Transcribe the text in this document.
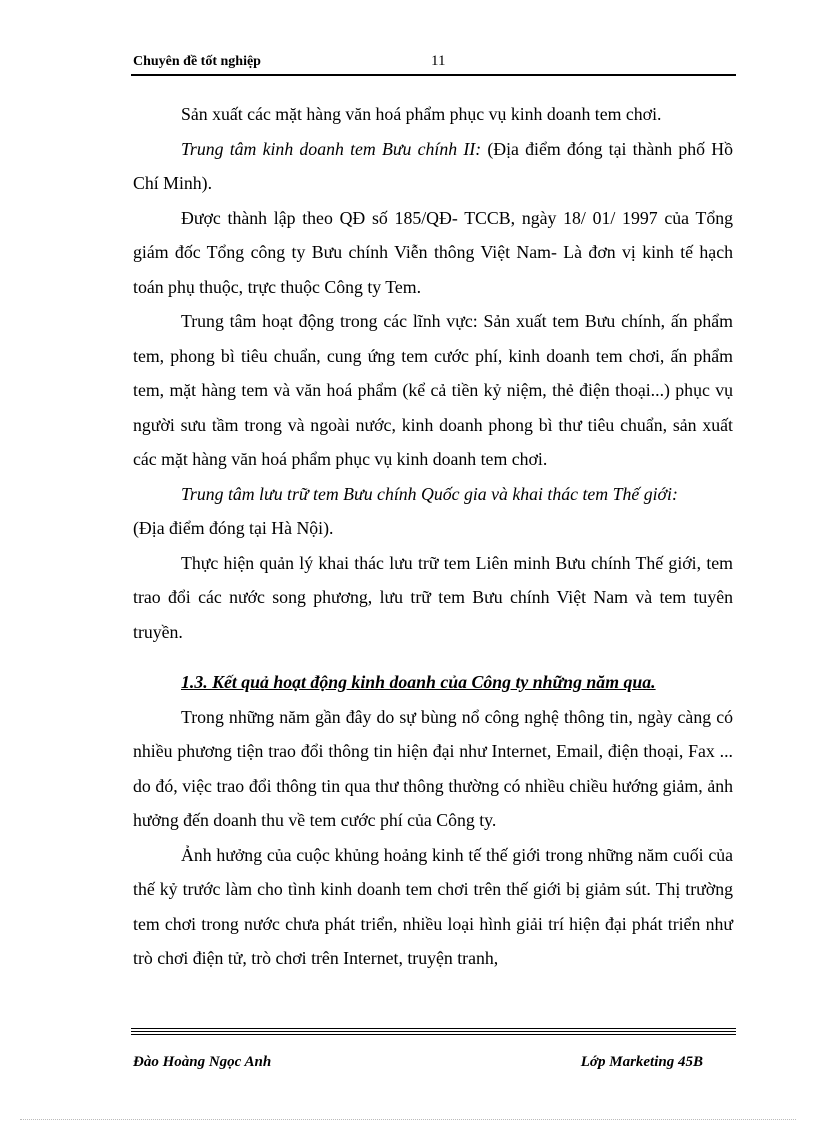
Chuyên đề tốt nghiệp	11

Sản xuất các mặt hàng văn hoá phẩm phục vụ kinh doanh tem chơi.

Trung tâm kinh doanh tem Bưu chính II: (Địa điểm đóng tại thành phố Hồ Chí Minh).

Được thành lập theo QĐ số 185/QĐ- TCCB, ngày 18/ 01/ 1997 của Tổng giám đốc Tổng công ty Bưu chính Viễn thông Việt Nam- Là đơn vị kinh tế hạch toán phụ thuộc, trực thuộc Công ty Tem.

Trung tâm hoạt động trong các lĩnh vực: Sản xuất tem Bưu chính, ấn phẩm tem, phong bì tiêu chuẩn, cung ứng tem cước phí, kinh doanh tem chơi, ấn phẩm tem, mặt hàng tem và văn hoá phẩm (kể cả tiền kỷ niệm, thẻ điện thoại...) phục vụ người sưu tầm trong và ngoài nước, kinh doanh phong bì thư tiêu chuẩn, sản xuất các mặt hàng văn hoá phẩm phục vụ kinh doanh tem chơi.

Trung tâm lưu trữ tem Bưu chính Quốc gia và khai thác tem Thế giới:

(Địa điểm đóng tại Hà Nội).

Thực hiện quản lý khai thác lưu trữ tem Liên minh Bưu chính Thế giới, tem trao đổi các nước song phương, lưu trữ tem Bưu chính Việt Nam và tem tuyên truyền.

1.3. Kết quả hoạt động kinh doanh của Công ty những năm qua.

Trong những năm gần đây do sự bùng nổ công nghệ thông tin, ngày càng có nhiều phương tiện trao đổi thông tin hiện đại như Internet, Email, điện thoại, Fax ... do đó, việc trao đổi thông tin qua thư thông thường có nhiều chiều hướng giảm, ảnh hưởng đến doanh thu về tem cước phí của Công ty.

Ảnh hưởng của cuộc khủng hoảng kinh tế thế giới trong những năm cuối của thế kỷ trước làm cho tình kinh doanh tem chơi trên thế giới bị giảm sút. Thị trường tem chơi trong nước chưa phát triển, nhiều loại hình giải trí hiện đại phát triển như trò chơi điện tử, trò chơi trên Internet, truyện tranh,

Đào Hoàng Ngọc Anh	Lớp Marketing 45B
